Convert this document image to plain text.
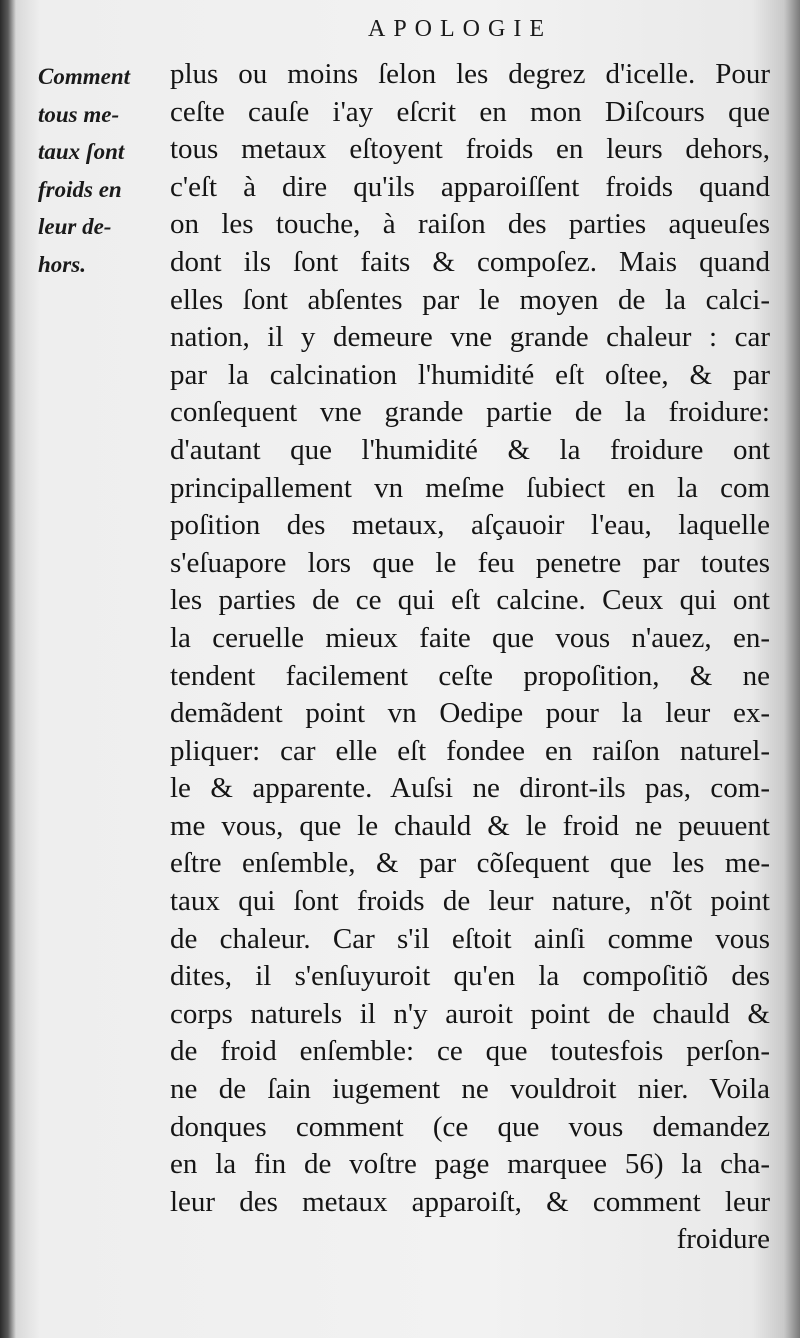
APOLOGIE
Comment
tous me-
taux ſont
froids en
leur de-
hors.
plus ou moins ſelon les degrez d'icelle. Pour
ceſte cauſe i'ay eſcrit en mon Diſcours que
tous metaux eſtoyent froids en leurs dehors,
c'eſt à dire qu'ils apparoiſſent froids quand
on les touche, à raiſon des parties aqueuſes
dont ils ſont faits & compoſez. Mais quand
elles ſont abſentes par le moyen de la calci-
nation, il y demeure vne grande chaleur : car
par la calcination l'humidité eſt oſtee, & par
conſequent vne grande partie de la froidure:
d'autant que l'humidité & la froidure ont
principallement vn meſme ſubiect en la com
poſition des metaux, aſçauoir l'eau, laquelle
s'eſuapore lors que le feu penetre par toutes
les parties de ce qui eſt calcine. Ceux qui ont
la ceruelle mieux faite que vous n'auez, en-
tendent facilement ceſte propoſition, & ne
demãdent point vn Oedipe pour la leur ex-
pliquer: car elle eſt fondee en raiſon naturel-
le & apparente. Auſsi ne diront-ils pas, com-
me vous, que le chauld & le froid ne peuuent
eſtre enſemble, & par cõſequent que les me-
taux qui ſont froids de leur nature, n'õt point
de chaleur. Car s'il eſtoit ainſi comme vous
dites, il s'enſuyuroit qu'en la compoſitiõ des
corps naturels il n'y auroit point de chauld &
de froid enſemble: ce que toutesfois perſon-
ne de ſain iugement ne vouldroit nier. Voila
donques comment (ce que vous demandez
en la fin de voſtre page marquee 56) la cha-
leur des metaux apparoiſt, & comment leur
froidure
